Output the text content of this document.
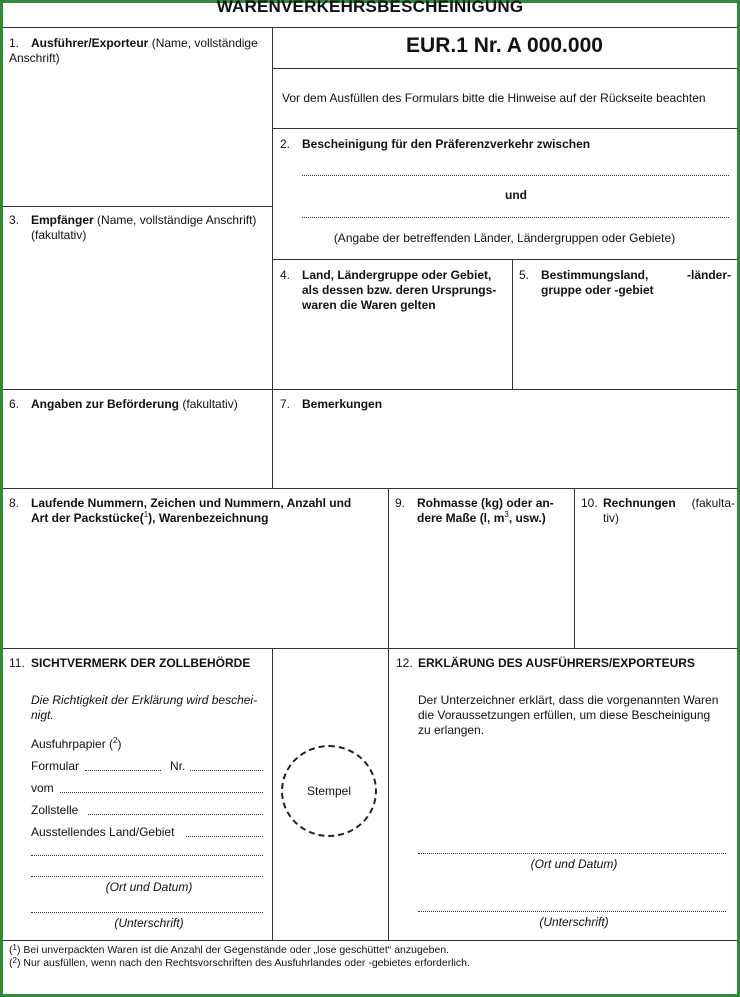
WARENVERKEHRSBESCHEINIGUNG
EUR.1 Nr. A 000.000
Vor dem Ausfüllen des Formulars bitte die Hinweise auf der Rückseite beachten
1. Ausführer/Exporteur (Name, vollständige Anschrift)
2. Bescheinigung für den Präferenzverkehr zwischen
und
(Angabe der betreffenden Länder, Ländergruppen oder Gebiete)
3. Empfänger (Name, vollständige Anschrift)
(fakultativ)
4. Land, Ländergruppe oder Gebiet,
als dessen bzw. deren Ursprungs-
waren die Waren gelten
5. Bestimmungsland,	-länder-

gruppe oder -gebiet
6. Angaben zur Beförderung (fakultativ)	7. Bemerkungen
8. Laufende Nummern, Zeichen und Nummern, Anzahl und
Art der Packstücke($^1$), Warenbezeichnung
9. Rohmasse (kg) oder an-
dere Maße (l, $m^3$, usw.)
10. Rechnungen (fakulta-

tiv)
11. SICHTVERMERK DER ZOLLBEHÖRDE
Die Richtigkeit der Erklärung wird beschei-
nigt.
Ausfuhrpapier ($^2$)
Formular	Nr.
vom
Zollstelle
Ausstellendes Land/Gebiet
(Ort und Datum)
(Unterschrift)
Stempel
12. ERKLÄRUNG DES AUSFÜHRERS/EXPORTEURS
Der Unterzeichner erklärt, dass die vorgenannten Waren
die Voraussetzungen erfüllen, um diese Bescheinigung
zu erlangen.
(Ort und Datum)
(Unterschrift)
($^1$) Bei unverpackten Waren ist die Anzahl der Gegenstände oder „lose geschüttet“ anzugeben.
($^2$) Nur ausfüllen, wenn nach den Rechtsvorschriften des Ausfuhrlandes oder -gebietes erforderlich.
